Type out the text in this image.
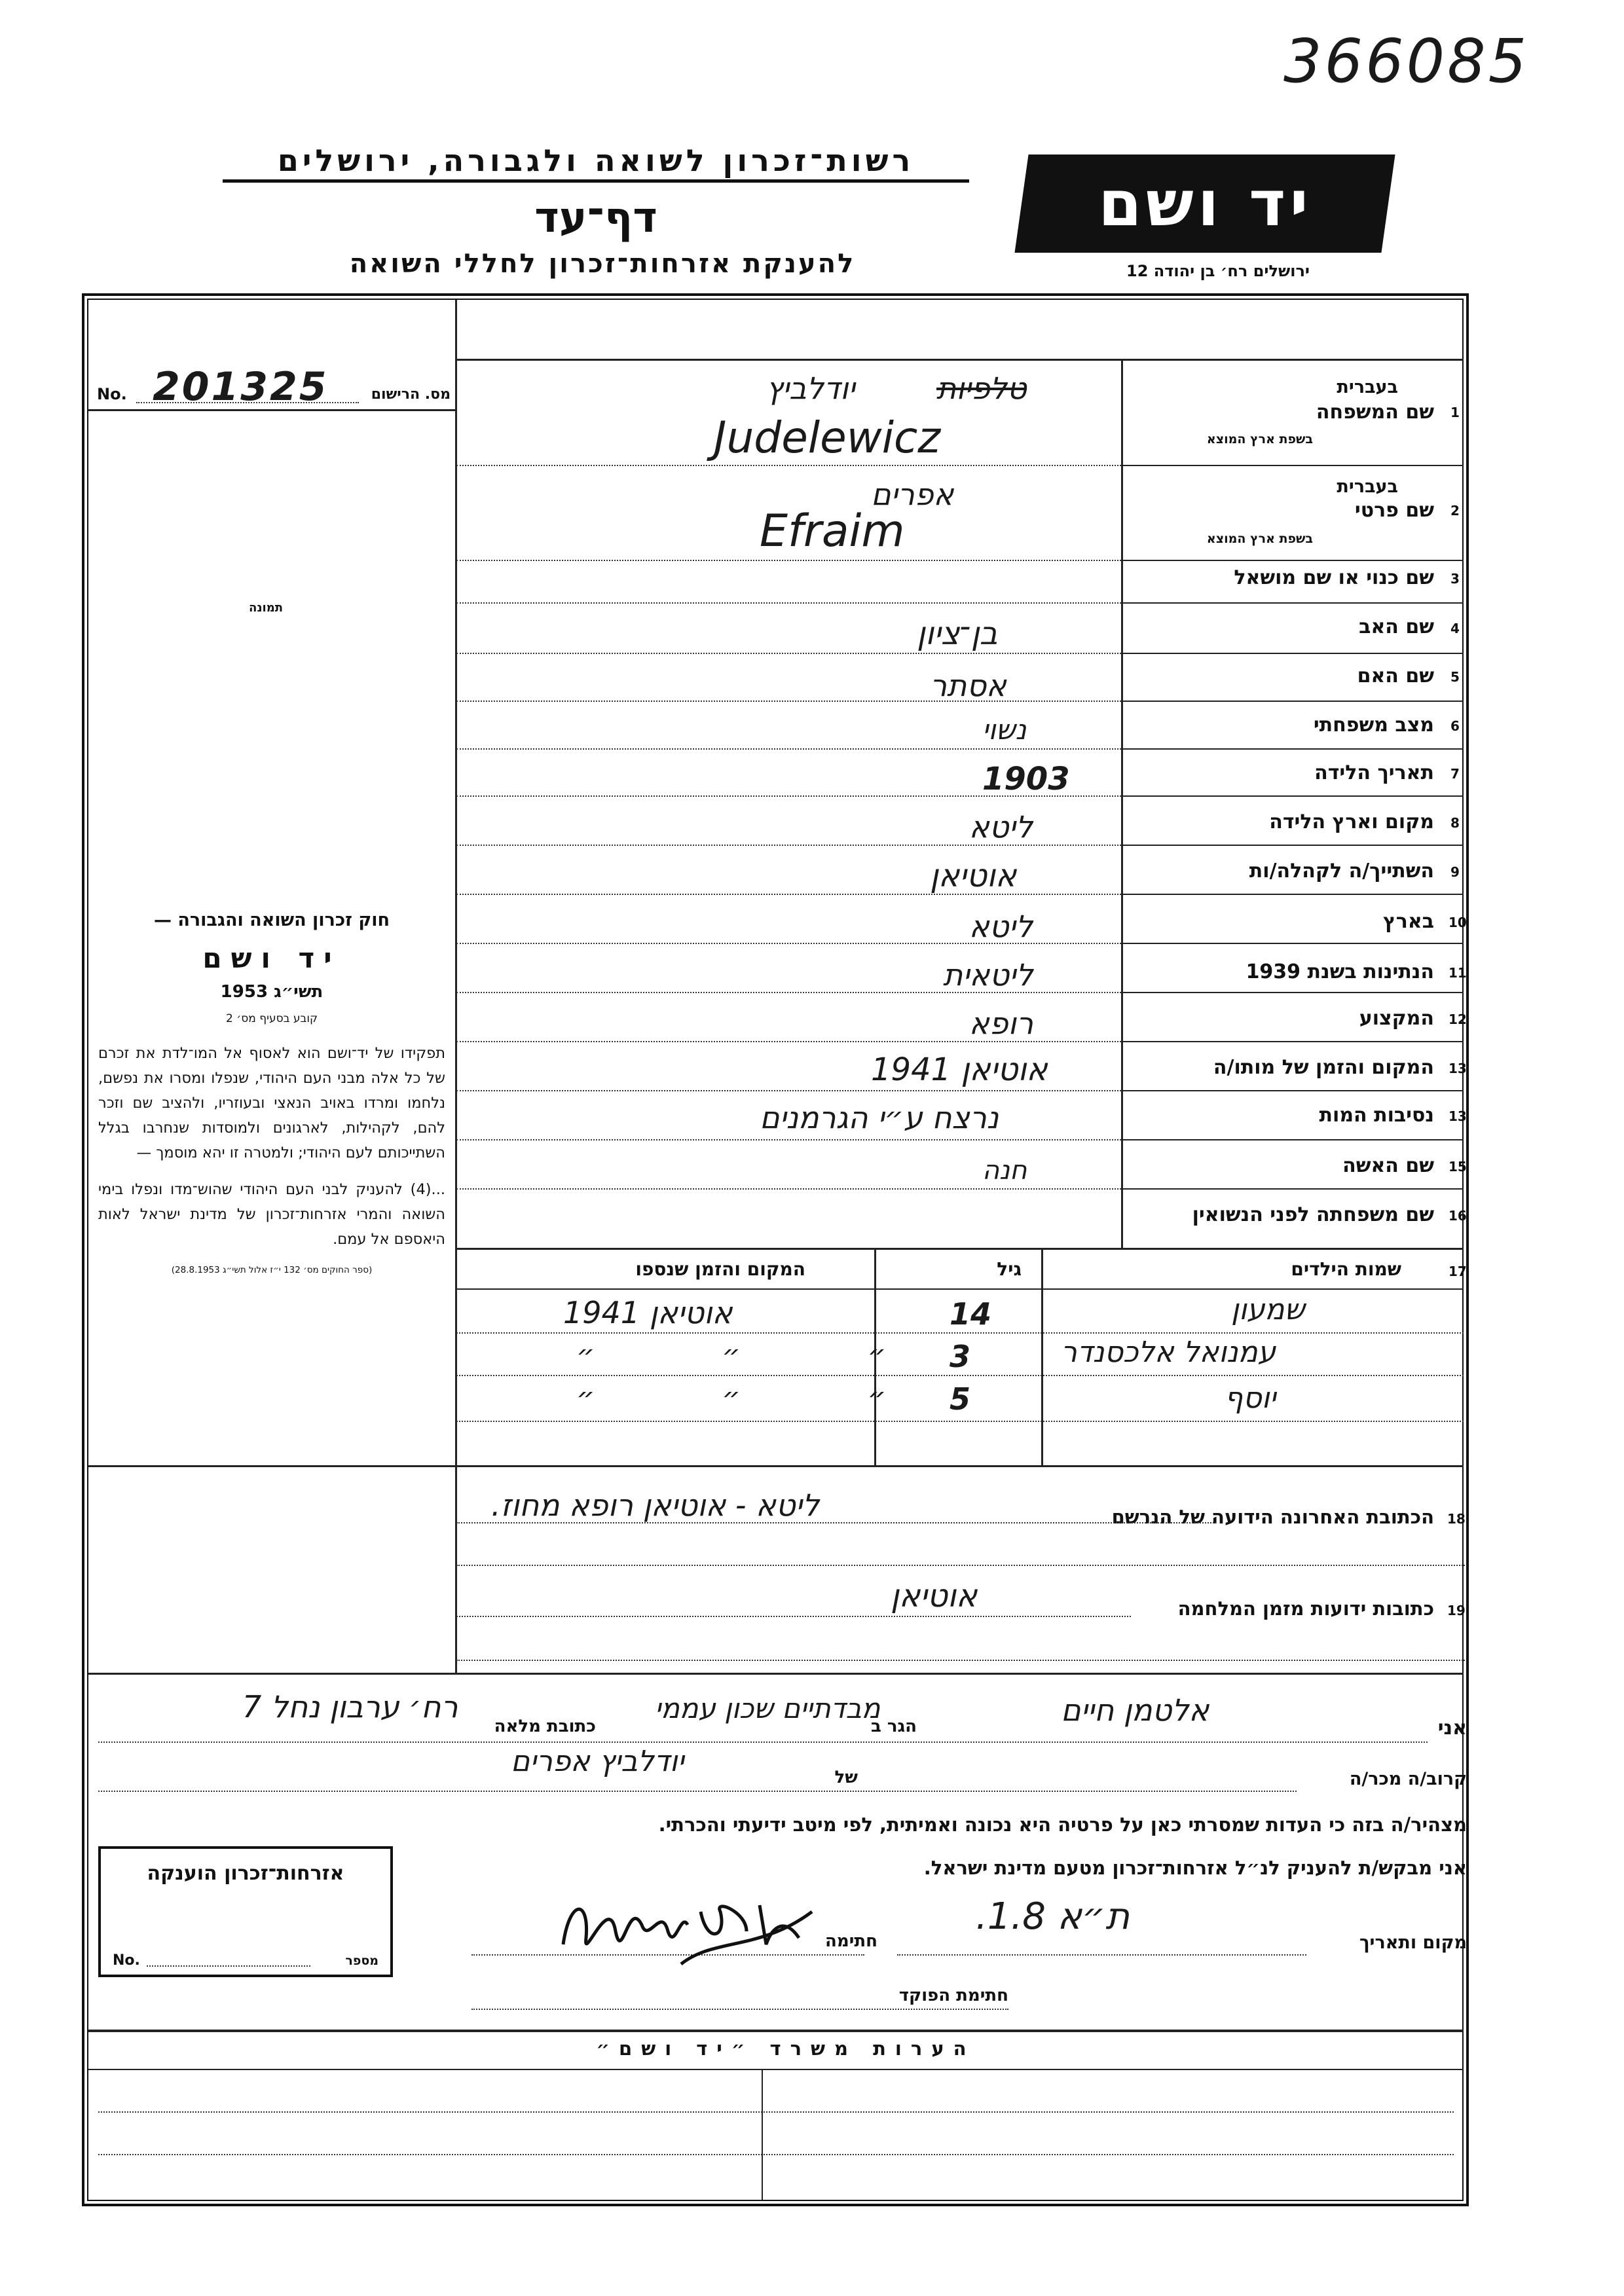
366085
רשות־זכרון לשואה ולגבורה, ירושלים
דף־עד
להענקת אזרחות־זכרון לחללי השואה
יד ושם
ירושלים רח׳ בן יהודה 12
No. 201325	מס. הרישום
תמונה
חוק זכרון השואה והגבורה —
יד ושם
תשי״ג 1953
קובע בסעיף מס׳ 2
תפקידו של יד־ושם הוא לאסוף אל המו־לדת את זכרם של כל אלה מבני העם היהודי, שנפלו ומסרו את נפשם, נלחמו ומרדו באויב הנאצי ובעוזריו, ולהציב שם וזכר להם, לקהילות, לארגונים ולמוסדות שנחרבו בגלל השתייכותם לעם היהודי; ולמטרה זו יהא מוסמך —
...(4) להעניק לבני העם היהודי שהוש־מדו ונפלו בימי השואה והמרי אזרחות־זכרון של מדינת ישראל לאות היאספם אל עמם.
(ספר החוקים מס׳ 132 י״ז אלול תשי״ג 28.8.1953)
1
שם המשפחה
בעברית
בשפת ארץ המוצא
טלפיות
יודלביץ
Judelewicz
2
שם פרטי
בעברית
בשפת ארץ המוצא
אפרים
Efraim
3
שם כנוי או שם מושאל
4
שם האב
בן־ציון
5
שם האם
אסתר
6
מצב משפחתי
נשוי
7
תאריך הלידה
1903
8
מקום וארץ הלידה
ליטא
9
השתייך/ה לקהלה/ות
אוטיאן
10
בארץ
ליטא
11
הנתינות בשנת 1939
ליטאית
12
המקצוע
רופא
13
המקום והזמן של מותו/ה
אוטיאן 1941
13
נסיבות המות
נרצח ע״י הגרמנים
15
שם האשה
חנה
16
שם משפחתה לפני הנשואין
17
שמות הילדים
גיל
המקום והזמן שנספו
שמעון
14
אוטיאן 1941
עמנואל אלכסנדר
3
״ ״ ״
יוסף
5
״ ״ ״
הכתובת האחרונה הידועה של הנרשם 18
ליטא - אוטיאן רופא מחוז.
כתובות ידועות מזמן המלחמה 19
אוטיאן
אני
אלטמן חיים
הגר ב
מבדתיים שכון עממי
כתובת מלאה
רח׳ ערבון נחל 7
קרוב/ה מכר/ה
של
יודלביץ אפרים
מצהיר/ה בזה כי העדות שמסרתי כאן על פרטיה היא נכונה ואמיתית, לפי מיטב ידיעתי והכרתי.
אני מבקש/ת להעניק לנ״ל אזרחות־זכרון מטעם מדינת ישראל.
מקום ותאריך
ת״א 1.8.
חתימה
חתימת הפוקד
אזרחות־זכרון הוענקה
No.	מספר
הערות משרד ״יד ושם״
